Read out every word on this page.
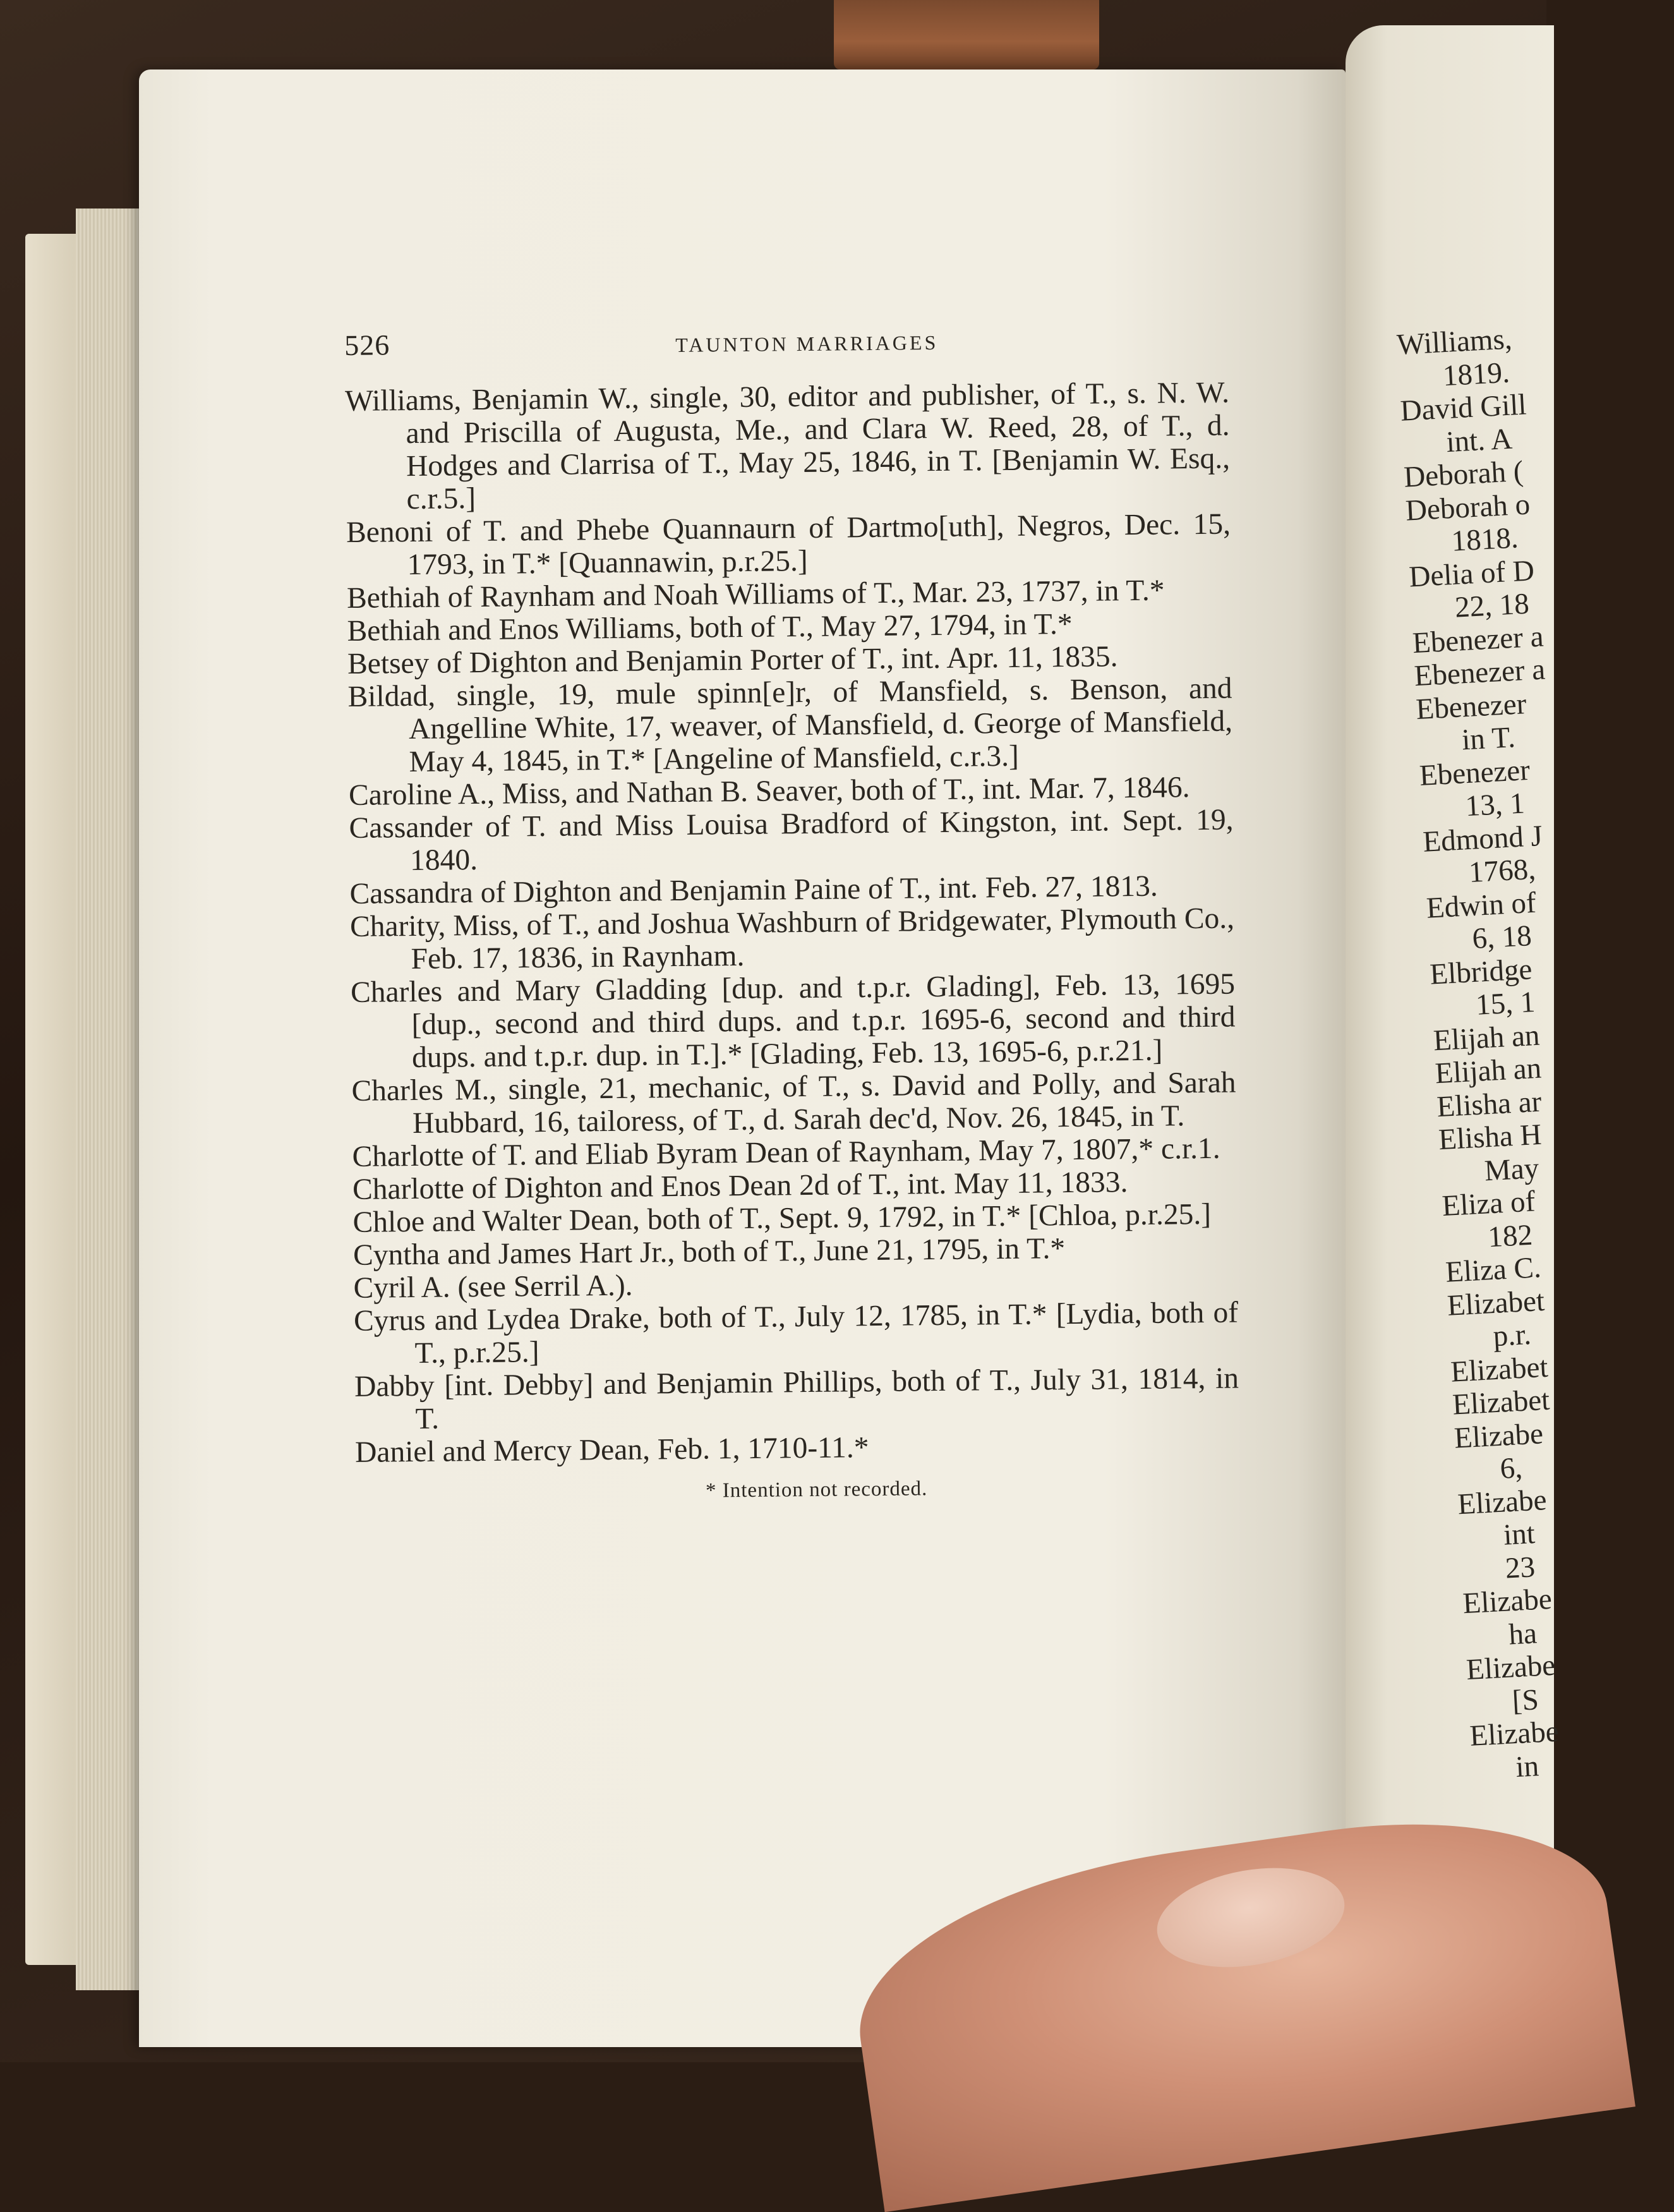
526	TAUNTON MARRIAGES
Williams, Benjamin W., single, 30, editor and publisher, of T., s. N. W. and Priscilla of Augusta, Me., and Clara W. Reed, 28, of T., d. Hodges and Clarrisa of T., May 25, 1846, in T. [Benjamin W. Esq., c.r.5.]
Benoni of T. and Phebe Quannaurn of Dartmo[uth], Negros, Dec. 15, 1793, in T.* [Quannawin, p.r.25.]
Bethiah of Raynham and Noah Williams of T., Mar. 23, 1737, in T.*
Bethiah and Enos Williams, both of T., May 27, 1794, in T.*
Betsey of Dighton and Benjamin Porter of T., int. Apr. 11, 1835.
Bildad, single, 19, mule spinn[e]r, of Mansfield, s. Benson, and Angelline White, 17, weaver, of Mansfield, d. George of Mansfield, May 4, 1845, in T.* [Angeline of Mansfield, c.r.3.]
Caroline A., Miss, and Nathan B. Seaver, both of T., int. Mar. 7, 1846.
Cassander of T. and Miss Louisa Bradford of Kingston, int. Sept. 19, 1840.
Cassandra of Dighton and Benjamin Paine of T., int. Feb. 27, 1813.
Charity, Miss, of T., and Joshua Washburn of Bridgewater, Plymouth Co., Feb. 17, 1836, in Raynham.
Charles and Mary Gladding [dup. and t.p.r. Glading], Feb. 13, 1695 [dup., second and third dups. and t.p.r. 1695-6, second and third dups. and t.p.r. dup. in T.].* [Glading, Feb. 13, 1695-6, p.r.21.]
Charles M., single, 21, mechanic, of T., s. David and Polly, and Sarah Hubbard, 16, tailoress, of T., d. Sarah dec'd, Nov. 26, 1845, in T.
Charlotte of T. and Eliab Byram Dean of Raynham, May 7, 1807,* c.r.1.
Charlotte of Dighton and Enos Dean 2d of T., int. May 11, 1833.
Chloe and Walter Dean, both of T., Sept. 9, 1792, in T.* [Chloa, p.r.25.]
Cyntha and James Hart Jr., both of T., June 21, 1795, in T.*
Cyril A. (see Serril A.).
Cyrus and Lydea Drake, both of T., July 12, 1785, in T.* [Lydia, both of T., p.r.25.]
Dabby [int. Debby] and Benjamin Phillips, both of T., July 31, 1814, in T.
Daniel and Mercy Dean, Feb. 1, 1710-11.*
* Intention not recorded.
Williams,
1819.
David Gill
int. A
Deborah (
Deborah o
1818.
Delia of D
22, 18
Ebenezer a
Ebenezer a
Ebenezer
in T.
Ebenezer
13, 1
Edmond J
1768,
Edwin of
6, 18
Elbridge
15, 1
Elijah an
Elijah an
Elisha ar
Elisha H
May
Eliza of
182
Eliza C.
Elizabet
p.r.
Elizabet
Elizabet
Elizabe
6,
Elizabe
int
23
Elizabe
ha
Elizabe
[S
Elizabe
in
